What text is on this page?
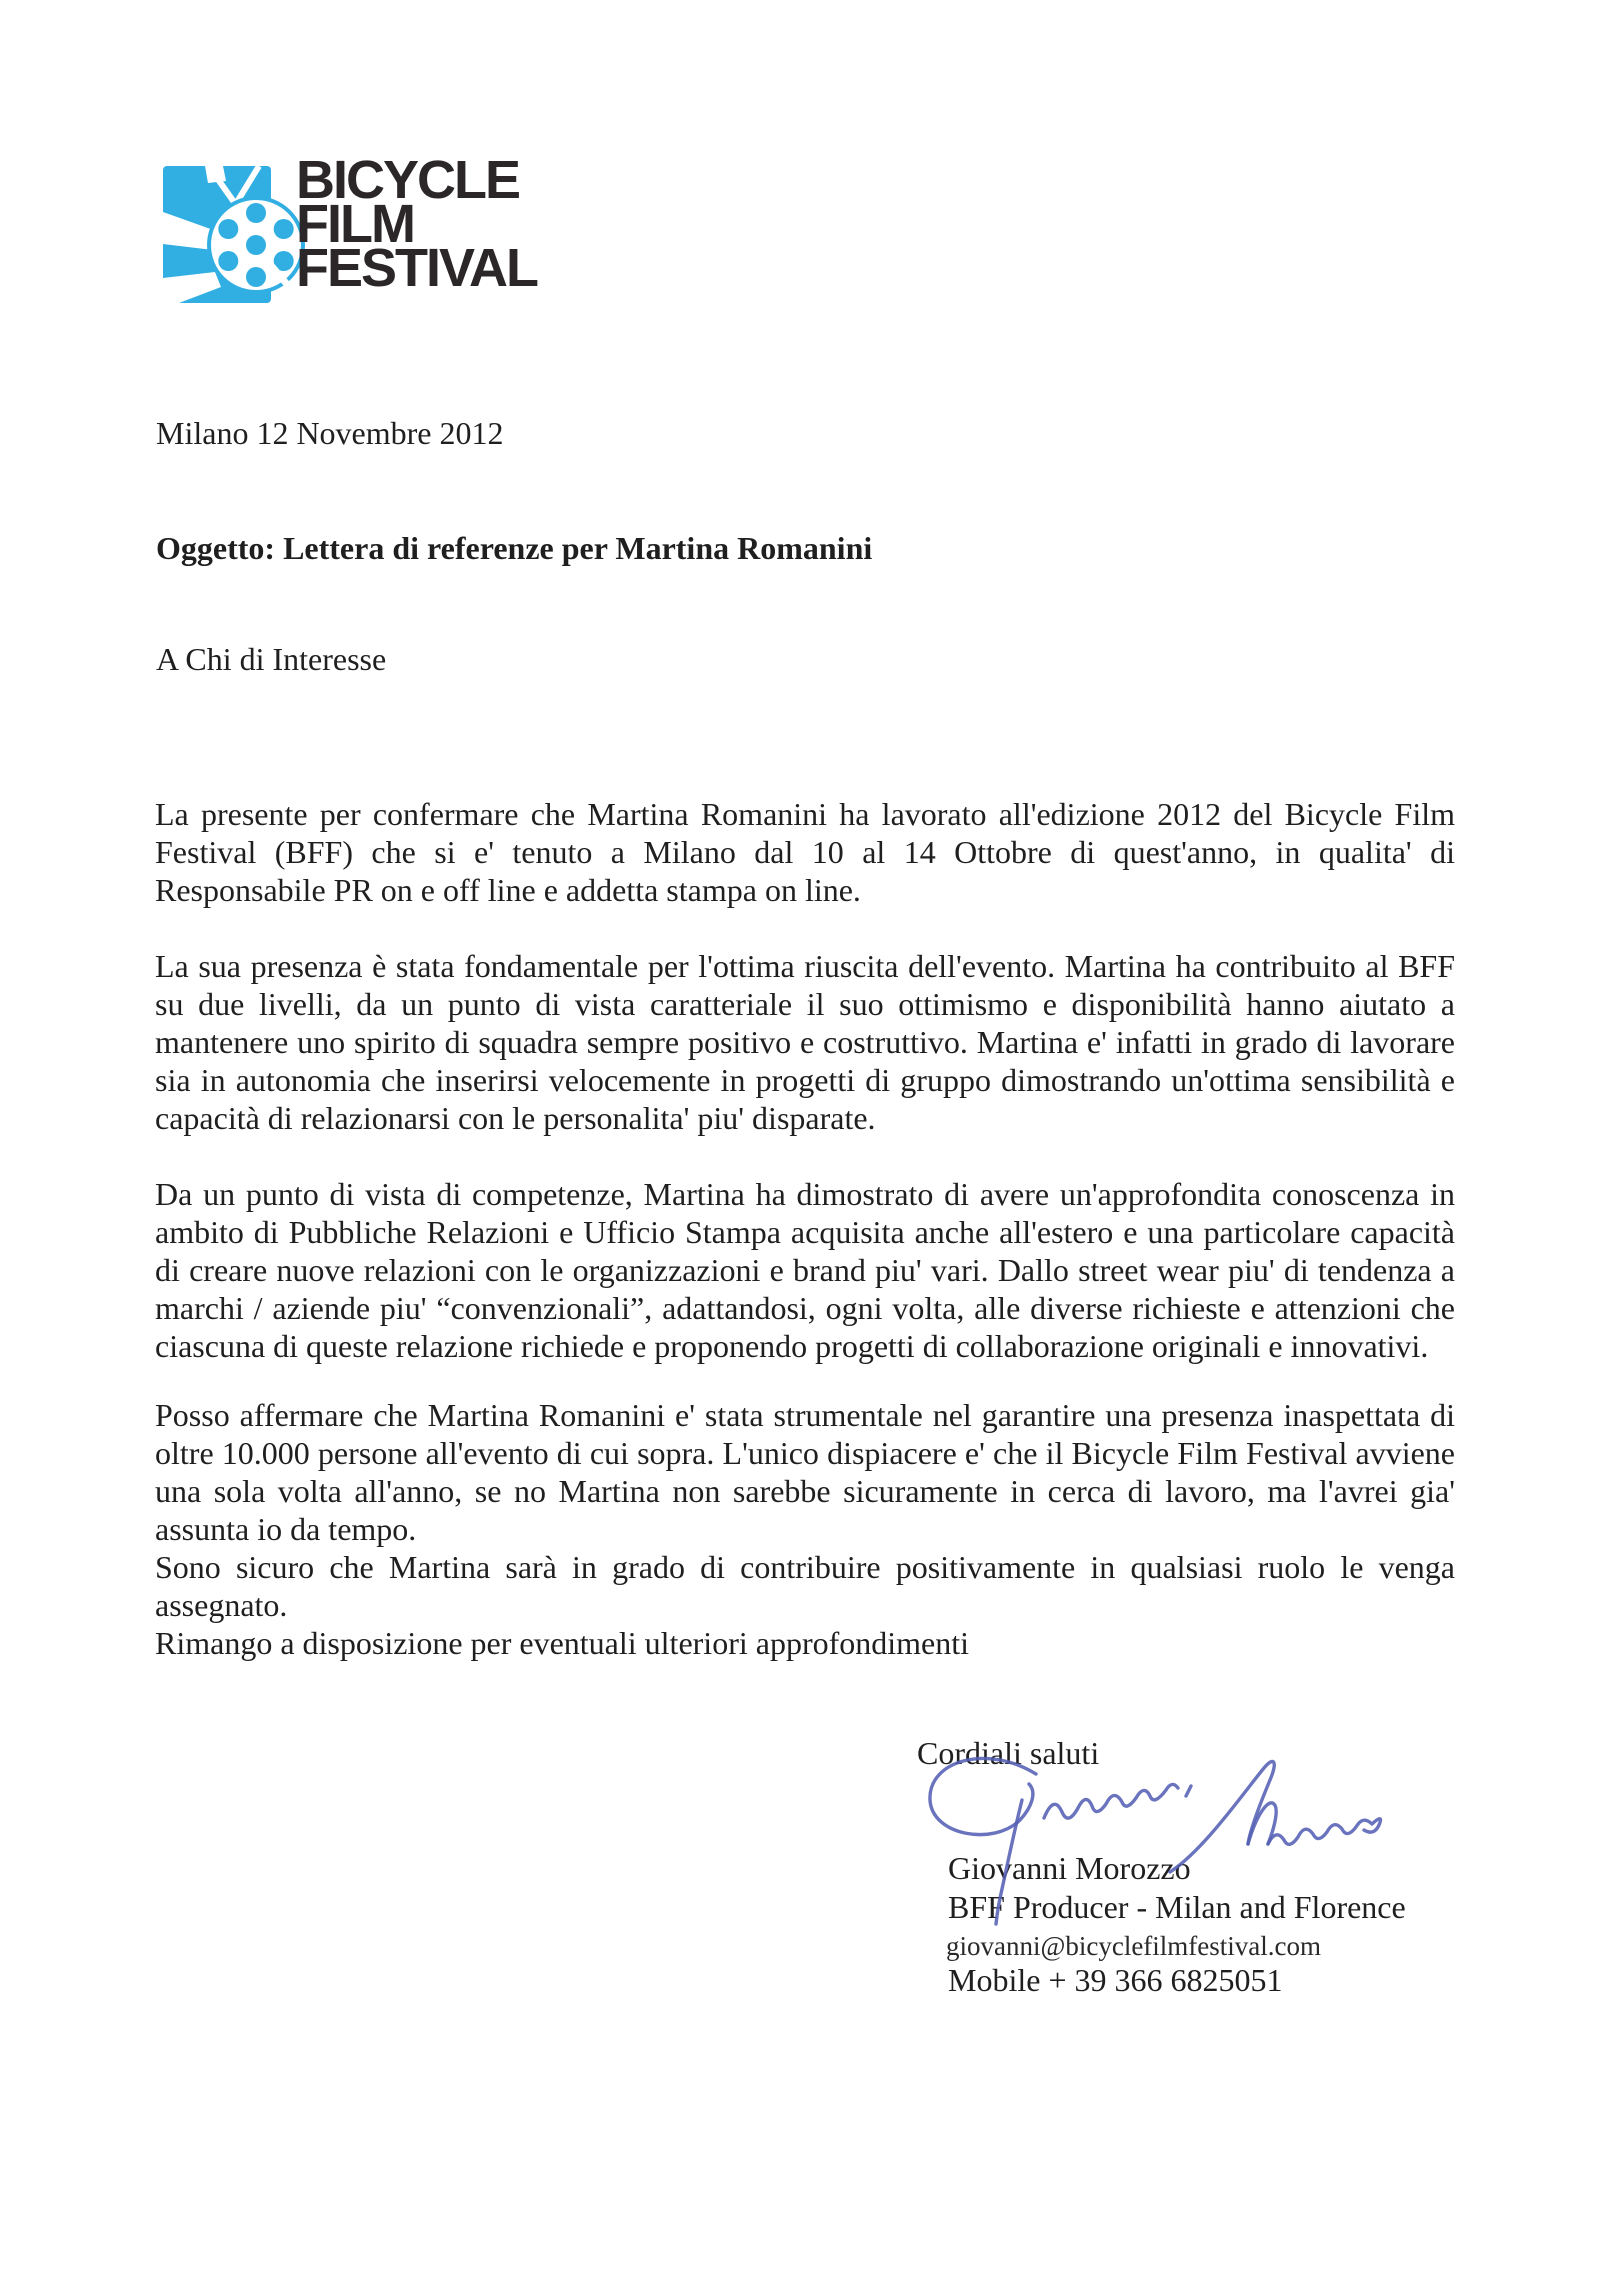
BICYCLE
FILM
FESTIVAL
Milano 12 Novembre 2012
Oggetto: Lettera di referenze per Martina Romanini
A Chi di Interesse

La presente per confermare che Martina Romanini ha lavorato all'edizione 2012 del Bicycle Film Festival (BFF) che si e' tenuto a Milano dal 10 al 14 Ottobre di quest'anno, in qualita' di Responsabile PR on e off line e addetta stampa on line.

La sua presenza è stata fondamentale per l'ottima riuscita dell'evento. Martina ha contribuito al BFF su due livelli, da un punto di vista caratteriale il suo ottimismo e disponibilità hanno aiutato a mantenere uno spirito di squadra sempre positivo e costruttivo. Martina e' infatti in grado di lavorare sia in autonomia che inserirsi velocemente in progetti di gruppo dimostrando un'ottima sensibilità e capacità di relazionarsi con le personalita' piu' disparate.

Da un punto di vista di competenze, Martina ha dimostrato di avere un'approfondita conoscenza in ambito di Pubbliche Relazioni e Ufficio Stampa acquisita anche all'estero e una particolare capacità di creare nuove relazioni con le organizzazioni e brand piu' vari. Dallo street wear piu' di tendenza a marchi / aziende piu' “convenzionali”, adattandosi, ogni volta, alle diverse richieste e attenzioni che ciascuna di queste relazione richiede e proponendo progetti di collaborazione originali e innovativi.

Posso affermare che Martina Romanini e' stata strumentale nel garantire una presenza inaspettata di oltre 10.000 persone all'evento di cui sopra. L'unico dispiacere e' che il Bicycle Film Festival avviene una sola volta all'anno, se no Martina non sarebbe sicuramente in cerca di lavoro, ma l'avrei gia' assunta io da tempo.

Sono sicuro che Martina sarà in grado di contribuire positivamente in qualsiasi ruolo le venga assegnato.

Rimango a disposizione per eventuali ulteriori approfondimenti

Cordiali saluti
Giovanni Morozzo
BFF Producer - Milan and Florence
giovanni@bicyclefilmfestival.com
Mobile + 39 366 6825051
